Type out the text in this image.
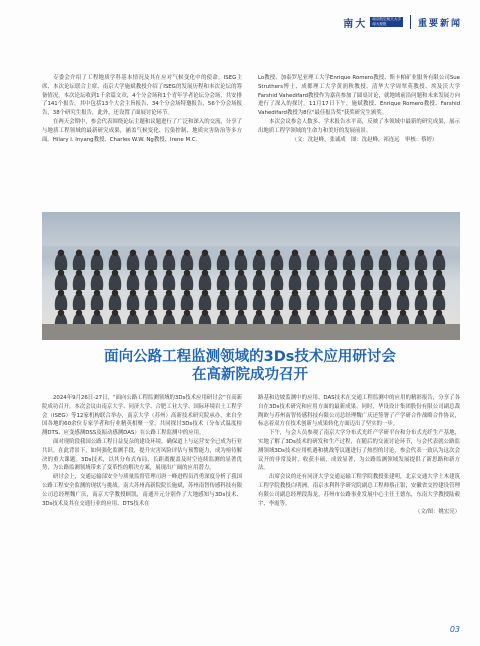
南大	南京航空航天大学
南大校报	重要新闻

专委会介绍了工程地质学科基本情况及其在应对气候变化中的使命。ISEG主席、本次论坛联合主席、南京大学施斌教授介绍了ISEG的发展历程和本次论坛的筹备情况。本次论坛收到1千余篇文章，4个分会场和1个青年学者论坛分会场，共安排了141个报告，其中包括13个大会主旨报告，34个分会场特邀报告，56个分会场报告，38个研究生报告，此外，还设置了面展讨论环节。

在两天会期中，参会代表围绕论坛主题和议题进行了广泛和深入的交流，分享了与地质工程领域的最新研究成果，涵盖气候变化、污染控制、地质灾害防治等多方面。Hilary I. Inyang教授、Charles W.W. Ng教授、Irene M.C.

Lo教授、加泰罗尼亚理工大学Enrique Romero教授、斯卡帕矿业服务有限公司Sue Struthers博士、成都理工大学黄润秋教授、清华大学周翠英教授、埃及沃大学Farshid Vahedifard教授作为嘉宾参加了圆桌讨论，就地域前沿问题和未来发展方向进行了深入的探讨。11月17日下午，施斌教授、Enrique Romero教授、Farshid Vahedifard教授为8位"最佳报告奖"获奖研究生颁奖。

本次会议参会人数多、学术报告水平高，反映了本领域中最新的研究成果，展示出地质工程学领域的生命力和美好的发展前景。

（文：沈赵峰，张诚成　图：沈赵峰，祁连远　审核：蔡婷）

面向公路工程监测领域的3Ds技术应用研讨会
在高新院成功召开

2024年9月26日-27日，“面向公路工程监测领域的3Ds技术应用研讨会”在高新院成功召开。本次会议由南京大学、同济大学、合肥工业大学、国际环境岩土工程学会（ISEG）等12家机构联合举办，南京大学（苏州）高新技术研究院承办，来自全国各地的60余位专家学者和行业精英相聚一堂，共同探讨3Ds技术（分布式温度检测DTS、应变感测DSS及振动感测DAS）在公路工程监测中的应用。

面对现阶段我国公路工程日益复杂的建设环境，确保道上与运营安全已成为行业共识。在此背景下，如何强化监测手段，提升灾害风险评估与预警能力，成为亟待解决的重大课题。3Ds技术，以其分布式布局、长距离覆盖及时空连续监测的显著优势，为公路监测领域带来了变革性的解决方案，展现出广阔的应用潜力。

研讨会上，交通运输部安全与质量监督管理司唐一峰进程员肖勇深度分析了我国公路工程安全监测的现状与挑战。南大苏州高新院院长施斌，苏州南智传感科技有限公司总经理魏广庆，南京大学教授顾凯，南通开元分别作了大地感知与3Ds技术、3Ds技术及其在交通行业的应用、DTS技术在

路基和边坡监测中的应用、DAS技术在交通工程监测中的应用的精彩报告，分享了各自在3Ds技术研究和应用方面的最新成果。同时，华设设计集团股份有限公司副总裁陶欧与苏州南智传感科技有限公司总经理魏广庆还签署了产学研合作战略合作协议，标志着双方在技术创新与成果转化方面迈出了坚实的一步。

下午，与会人员参观了南京大学分布式光纤产学研平台和分布式光纤生产基地，实地了解了3Ds技术的研发和生产过程，在随后的交流讨论环节，与会代表就公路监测领域3Ds技术应用机遇和挑战等议题进行了热烈的讨论，参会代表一致认为这次会议开的非常及时，收获丰硕，成效显著，为公路监测领域发展提供了新思路和新方法。

出席会议的还有同济大学交通运输工程学院教授张建明，北京交通大学土木建筑工程学院教授白明洲，南京水利科学研究院副总工程师蔡正银，安徽省交控建设管理有限公司副总经理段海龙，苏州市公路事业发展中心主任王德东，东南大学教授陆毅宇、李霞等。

（文/图：姚宏亮）

03
